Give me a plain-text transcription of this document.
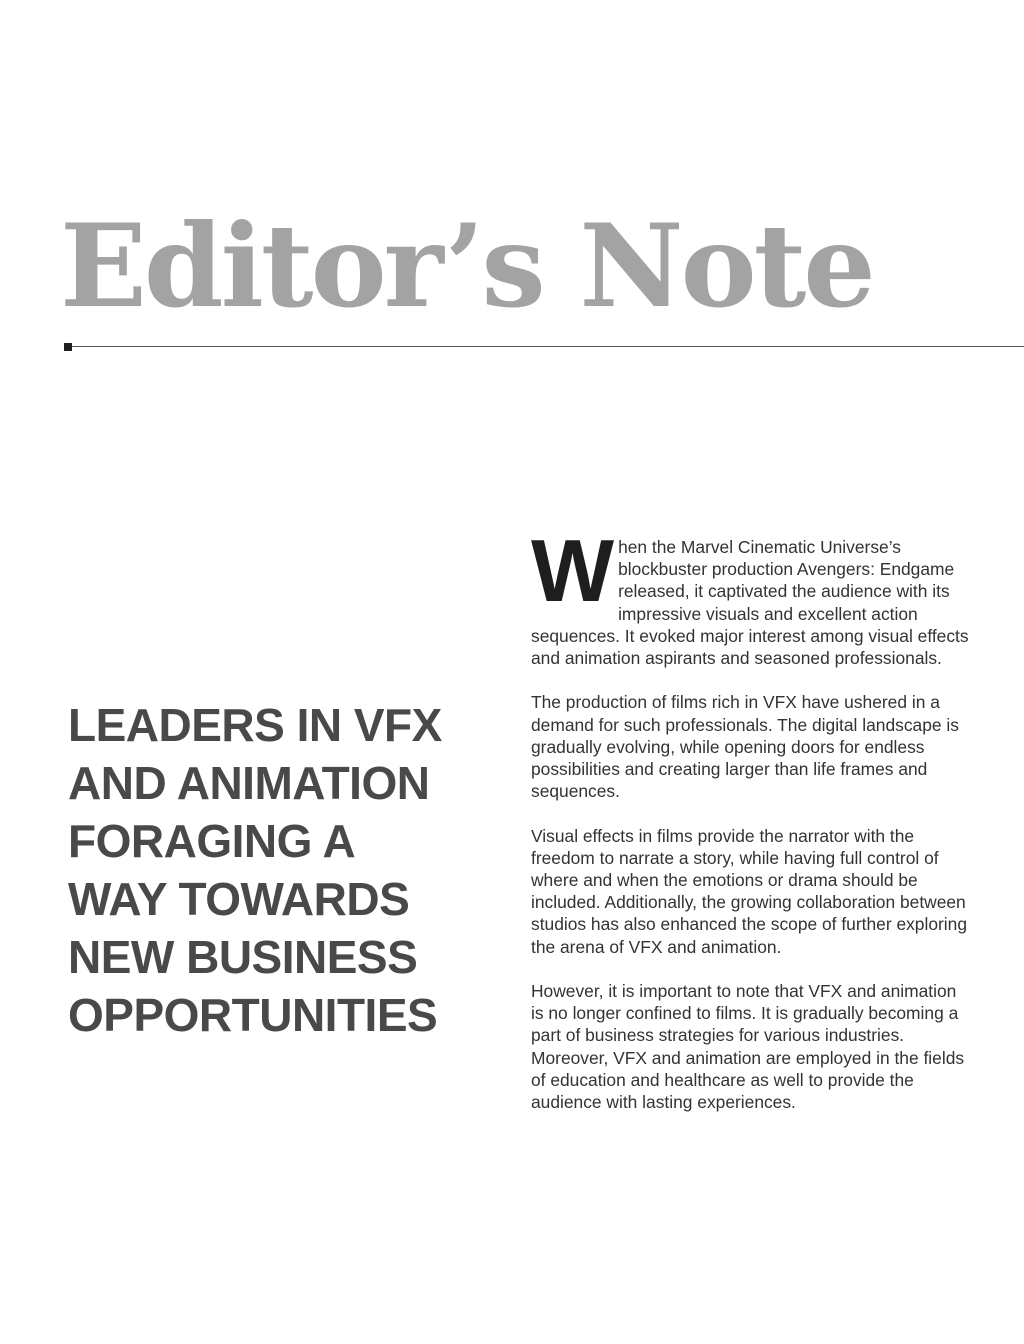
Editor’s Note
LEADERS IN VFX
AND ANIMATION
FORAGING A
WAY TOWARDS
NEW BUSINESS
OPPORTUNITIES

When the Marvel Cinematic Universe’s blockbuster production Avengers: Endgame released, it captivated the audience with its impressive visuals and excellent action sequences. It evoked major interest among visual effects and animation aspirants and seasoned professionals.

The production of films rich in VFX have ushered in a demand for such professionals. The digital landscape is gradually evolving, while opening doors for endless possibilities and creating larger than life frames and sequences.

Visual effects in films provide the narrator with the freedom to narrate a story, while having full control of where and when the emotions or drama should be included. Additionally, the growing collaboration between studios has also enhanced the scope of further exploring the arena of VFX and animation.

However, it is important to note that VFX and animation is no longer confined to films. It is gradually becoming a part of business strategies for various industries. Moreover, VFX and animation are employed in the fields of education and healthcare as well to provide the audience with lasting experiences.
